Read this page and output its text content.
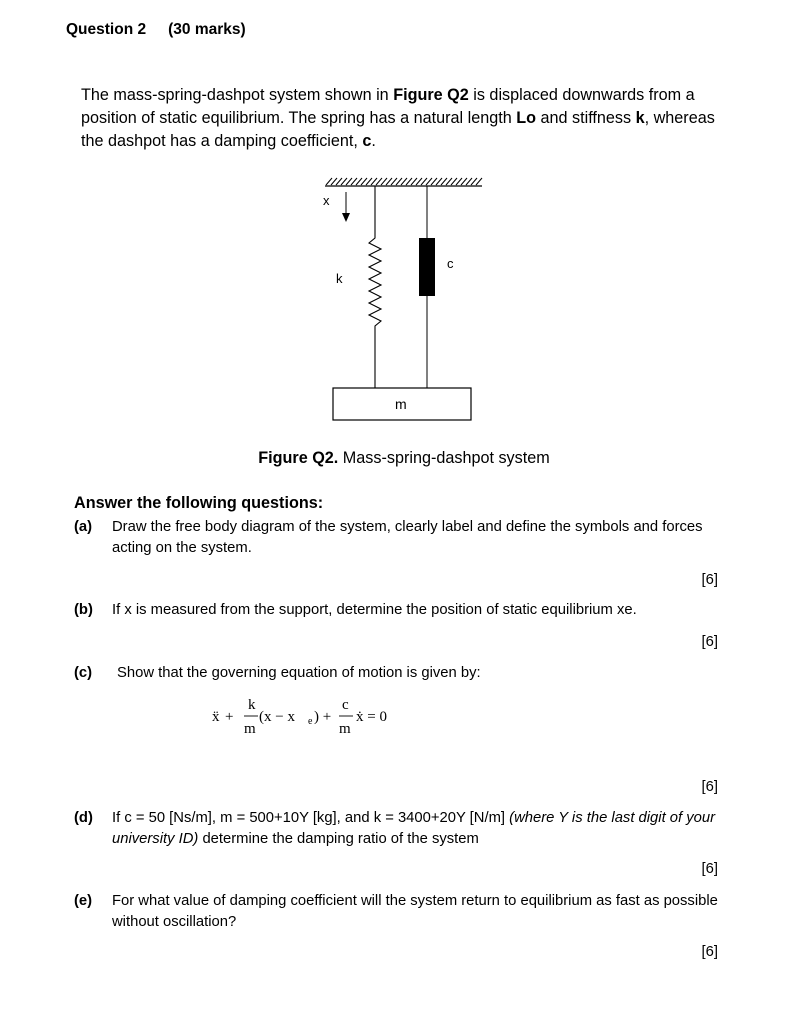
Question 2 (30 marks)
The mass-spring-dashpot system shown in Figure Q2 is displaced downwards from a position of static equilibrium. The spring has a natural length Lo and stiffness k, whereas the dashpot has a damping coefficient, c.
x
k
c
m
Figure Q2. Mass-spring-dashpot system
Answer the following questions:
(a) Draw the free body diagram of the system, clearly label and define the symbols and forces acting on the system.
[6]
(b) If x is measured from the support, determine the position of static equilibrium xe.
[6]
(c) Show that the governing equation of motion is given by:
ẍ +
k
m
(x − x e ) +
c
m
ẋ = 0
[6]
(d) If c = 50 [Ns/m], m = 500+10Y [kg], and k = 3400+20Y [N/m] (where Y is the last digit of your university ID) determine the damping ratio of the system
[6]
(e) For what value of damping coefficient will the system return to equilibrium as fast as possible without oscillation?
[6]
